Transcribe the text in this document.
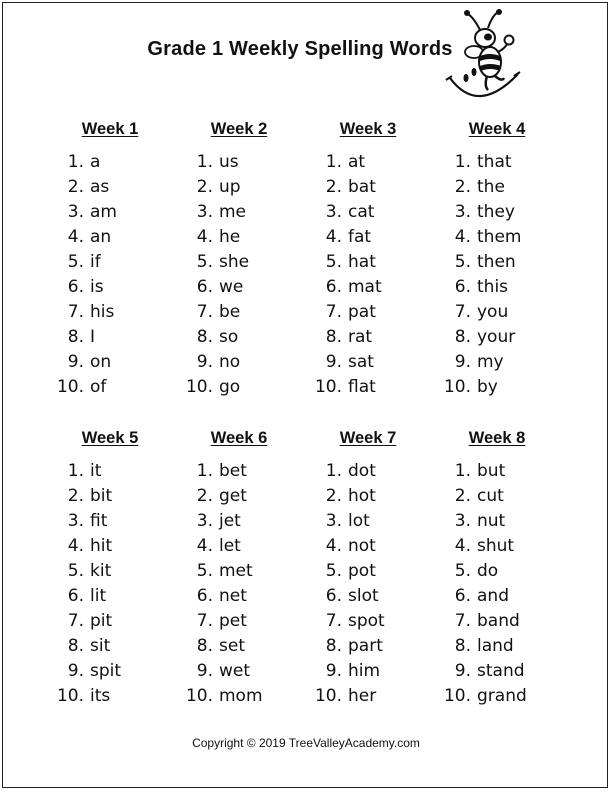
Grade 1 Weekly Spelling Words
Week 1
1. a
2. as
3. am
4. an
5. if
6. is
7. his
8. I
9. on
10. of
Week 2
1. us
2. up
3. me
4. he
5. she
6. we
7. be
8. so
9. no
10. go
Week 3
1. at
2. bat
3. cat
4. fat
5. hat
6. mat
7. pat
8. rat
9. sat
10. flat
Week 4
1. that
2. the
3. they
4. them
5. then
6. this
7. you
8. your
9. my
10. by
Week 5
1. it
2. bit
3. fit
4. hit
5. kit
6. lit
7. pit
8. sit
9. spit
10. its
Week 6
1. bet
2. get
3. jet
4. let
5. met
6. net
7. pet
8. set
9. wet
10. mom
Week 7
1. dot
2. hot
3. lot
4. not
5. pot
6. slot
7. spot
8. part
9. him
10. her
Week 8
1. but
2. cut
3. nut
4. shut
5. do
6. and
7. band
8. land
9. stand
10. grand
Copyright © 2019 TreeValleyAcademy.com
